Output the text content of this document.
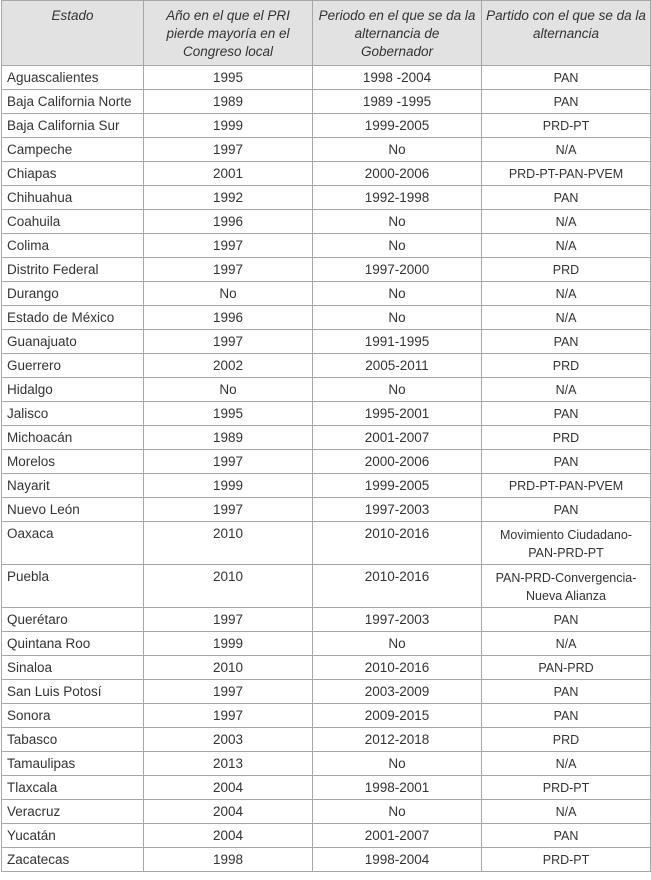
Estado	Año en el que el PRI pierde mayoría en el Congreso local	Periodo en el que se da la alternancia de Gobernador	Partido con el que se da la alternancia
Aguascalientes	1995	1998 -2004	PAN
Baja California Norte	1989	1989 -1995	PAN
Baja California Sur	1999	1999-2005	PRD-PT
Campeche	1997	No	N/A
Chiapas	2001	2000-2006	PRD-PT-PAN-PVEM
Chihuahua	1992	1992-1998	PAN
Coahuila	1996	No	N/A
Colima	1997	No	N/A
Distrito Federal	1997	1997-2000	PRD
Durango	No	No	N/A
Estado de México	1996	No	N/A
Guanajuato	1997	1991-1995	PAN
Guerrero	2002	2005-2011	PRD
Hidalgo	No	No	N/A
Jalisco	1995	1995-2001	PAN
Michoacán	1989	2001-2007	PRD
Morelos	1997	2000-2006	PAN
Nayarit	1999	1999-2005	PRD-PT-PAN-PVEM
Nuevo León	1997	1997-2003	PAN
Oaxaca	2010	2010-2016	Movimiento Ciudadano-
PAN-PRD-PT

Puebla	2010	2010-2016	PAN-PRD-Convergencia-
Nueva Alianza

Querétaro	1997	1997-2003	PAN
Quintana Roo	1999	No	N/A
Sinaloa	2010	2010-2016	PAN-PRD
San Luis Potosí	1997	2003-2009	PAN
Sonora	1997	2009-2015	PAN
Tabasco	2003	2012-2018	PRD
Tamaulipas	2013	No	N/A
Tlaxcala	2004	1998-2001	PRD-PT
Veracruz	2004	No	N/A
Yucatán	2004	2001-2007	PAN
Zacatecas	1998	1998-2004	PRD-PT
